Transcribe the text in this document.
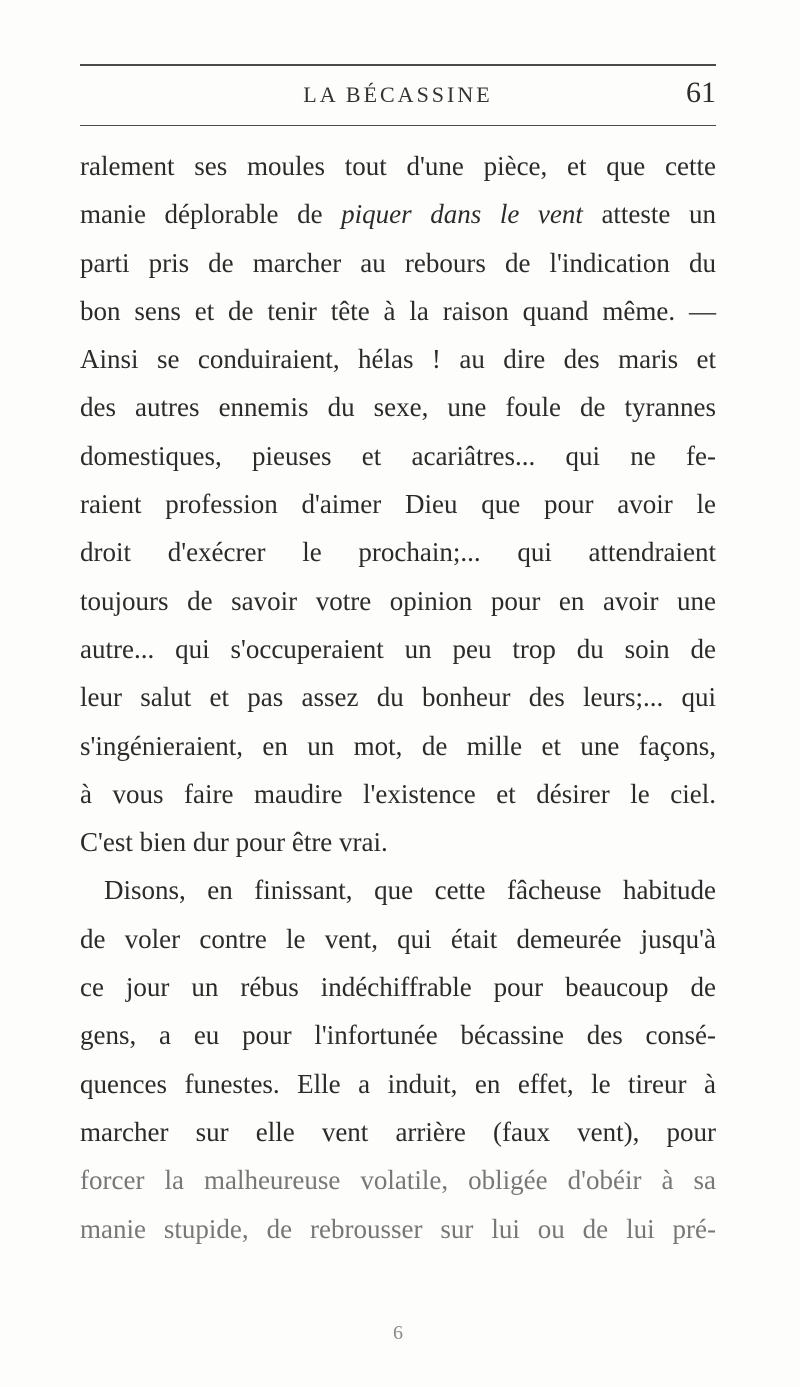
LA BÉCASSINE	61
ralement ses moules tout d'une pièce, et que cette
manie déplorable de piquer dans le vent atteste un
parti pris de marcher au rebours de l'indication du
bon sens et de tenir tête à la raison quand même. —
Ainsi se conduiraient, hélas ! au dire des maris et
des autres ennemis du sexe, une foule de tyrannes
domestiques, pieuses et acariâtres... qui ne fe-
raient profession d'aimer Dieu que pour avoir le
droit d'exécrer le prochain;... qui attendraient
toujours de savoir votre opinion pour en avoir une
autre... qui s'occuperaient un peu trop du soin de
leur salut et pas assez du bonheur des leurs;... qui
s'ingénieraient, en un mot, de mille et une façons,
à vous faire maudire l'existence et désirer le ciel.
C'est bien dur pour être vrai.
Disons, en finissant, que cette fâcheuse habitude
de voler contre le vent, qui était demeurée jusqu'à
ce jour un rébus indéchiffrable pour beaucoup de
gens, a eu pour l'infortunée bécassine des consé-
quences funestes. Elle a induit, en effet, le tireur à
marcher sur elle vent arrière (faux vent), pour
forcer la malheureuse volatile, obligée d'obéir à sa
manie stupide, de rebrousser sur lui ou de lui pré-
6
